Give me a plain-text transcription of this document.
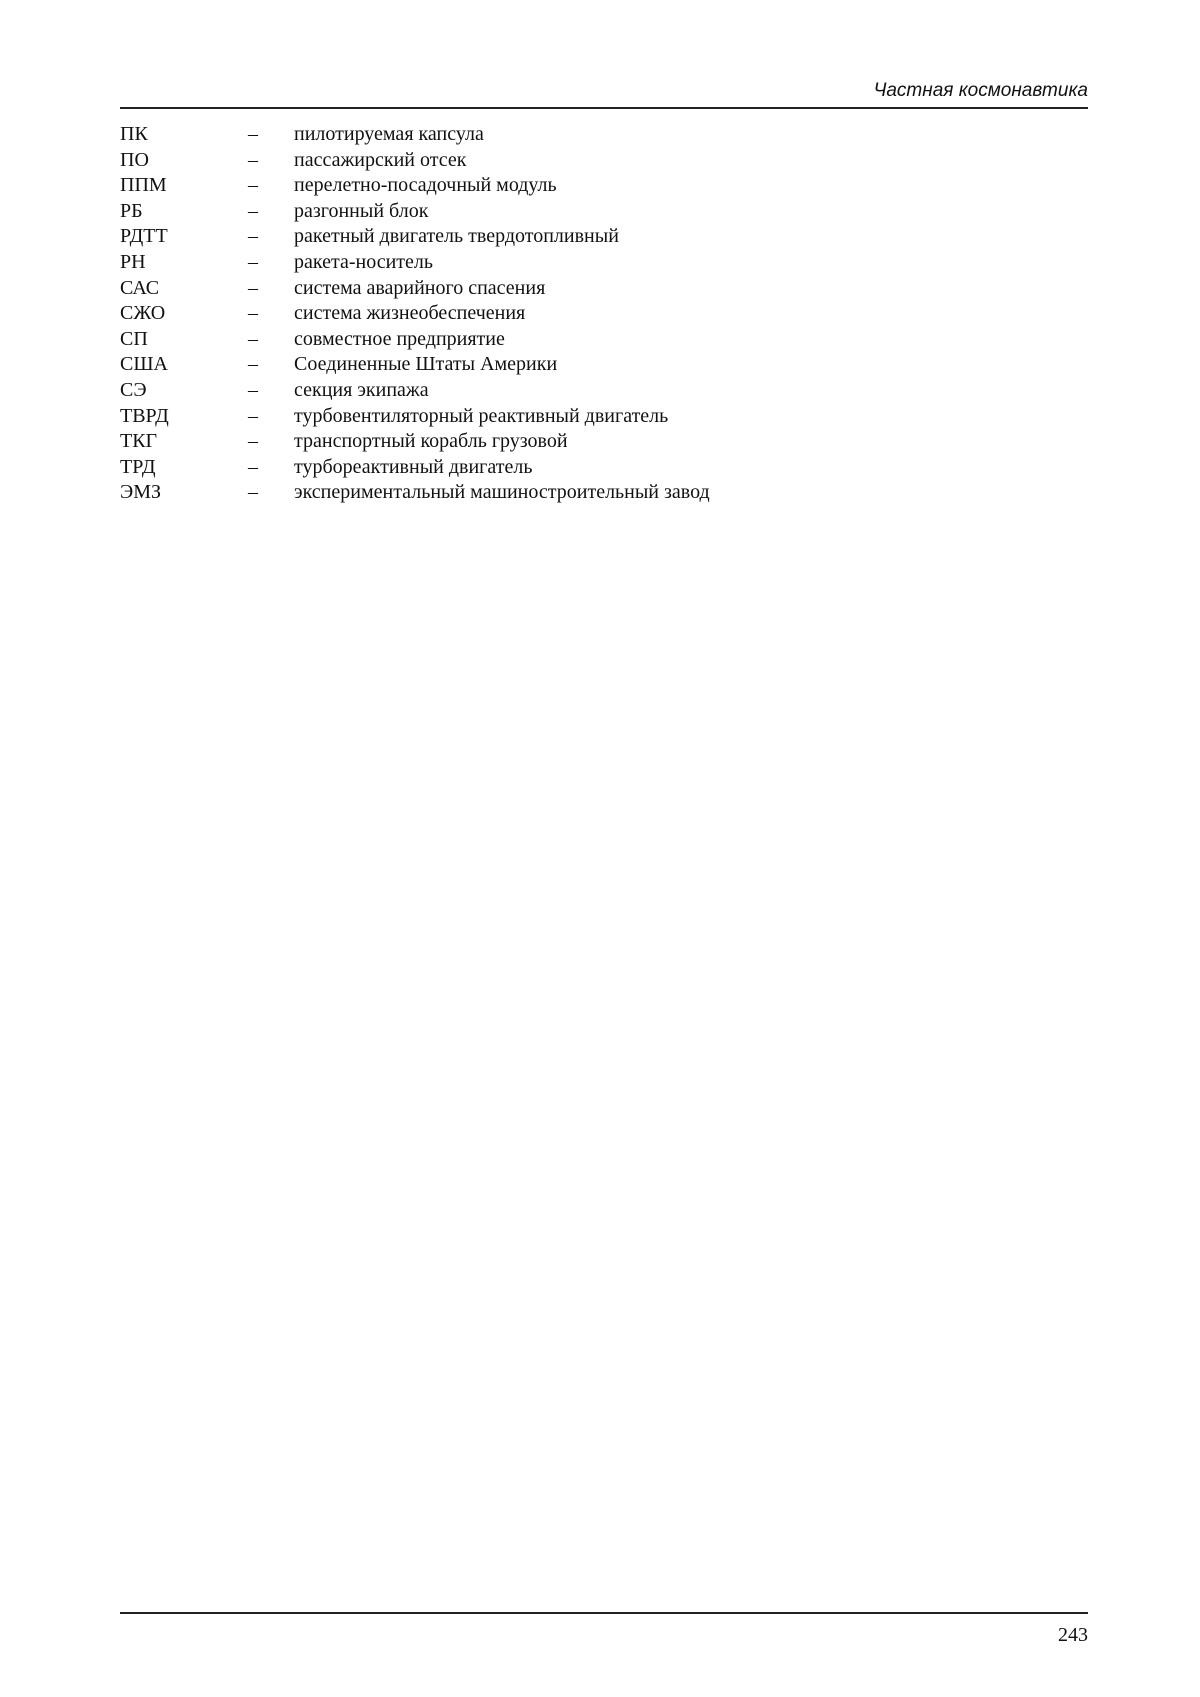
Частная космонавтика
ПК	– пилотируемая капсула
ПО	– пассажирский отсек
ППМ	– перелетно-посадочный модуль
РБ	– разгонный блок
РДТТ	– ракетный двигатель твердотопливный
РН	– ракета-носитель
САС	– система аварийного спасения
СЖО	– система жизнеобеспечения
СП	– совместное предприятие
США	– Соединенные Штаты Америки
СЭ	– секция экипажа
ТВРД	– турбовентиляторный реактивный двигатель
ТКГ	– транспортный корабль грузовой
ТРД	– турбореактивный двигатель
ЭМЗ	– экспериментальный машиностроительный завод
243
